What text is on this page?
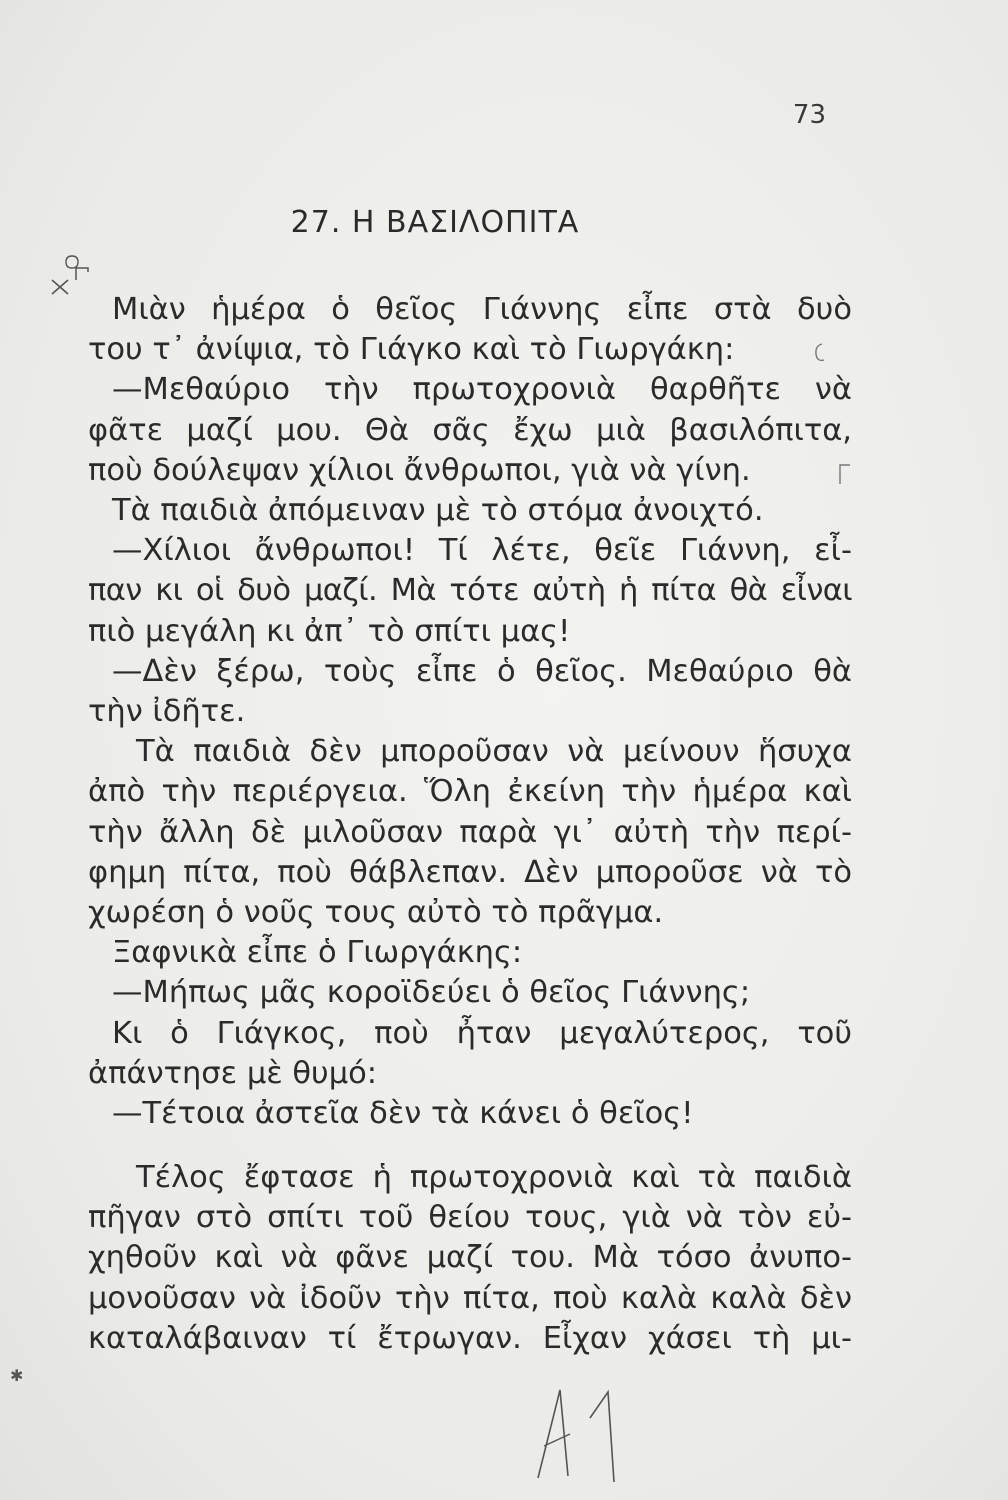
73
27. Η ΒΑΣΙΛΟΠΙΤΑ
Μιὰν ἡμέρα ὁ θεῖος Γιάννης εἶπε στὰ δυὸ
του τ᾽ ἀνίψια, τὸ Γιάγκο καὶ τὸ Γιωργάκη:
—Μεθαύριο τὴν πρωτοχρονιὰ θαρθῆτε νὰ
φᾶτε μαζί μου. Θὰ σᾶς ἔχω μιὰ βασιλόπιτα,
ποὺ δούλεψαν χίλιοι ἄνθρωποι, γιὰ νὰ γίνη.
Τὰ παιδιὰ ἀπόμειναν μὲ τὸ στόμα ἀνοιχτό.
—Χίλιοι ἄνθρωποι! Τί λέτε, θεῖε Γιάννη, εἶ-
παν κι οἱ δυὸ μαζί. Μὰ τότε αὐτὴ ἡ πίτα θὰ εἶναι
πιὸ μεγάλη κι ἀπ᾽ τὸ σπίτι μας!
—Δὲν ξέρω, τοὺς εἶπε ὁ θεῖος. Μεθαύριο θὰ
τὴν ἰδῆτε.
Τὰ παιδιὰ δὲν μποροῦσαν νὰ μείνουν ἥσυχα
ἀπὸ τὴν περιέργεια. Ὅλη ἐκείνη τὴν ἡμέρα καὶ
τὴν ἄλλη δὲ μιλοῦσαν παρὰ γι᾽ αὐτὴ τὴν περί-
φημη πίτα, ποὺ θάβλεπαν. Δὲν μποροῦσε νὰ τὸ
χωρέση ὁ νοῦς τους αὐτὸ τὸ πρᾶγμα.
Ξαφνικὰ εἶπε ὁ Γιωργάκης:
—Μήπως μᾶς κοροϊδεύει ὁ θεῖος Γιάννης;
Κι ὁ Γιάγκος, ποὺ ἦταν μεγαλύτερος, τοῦ
ἀπάντησε μὲ θυμό:
—Τέτοια ἀστεῖα δὲν τὰ κάνει ὁ θεῖος!
Τέλος ἔφτασε ἡ πρωτοχρονιὰ καὶ τὰ παιδιὰ
πῆγαν στὸ σπίτι τοῦ θείου τους, γιὰ νὰ τὸν εὐ-
χηθοῦν καὶ νὰ φᾶνε μαζί του. Μὰ τόσο ἀνυπο-
μονοῦσαν νὰ ἰδοῦν τὴν πίτα, ποὺ καλὰ καλὰ δὲν
καταλάβαιναν τί ἔτρωγαν. Εἶχαν χάσει τὴ μι-
✱
